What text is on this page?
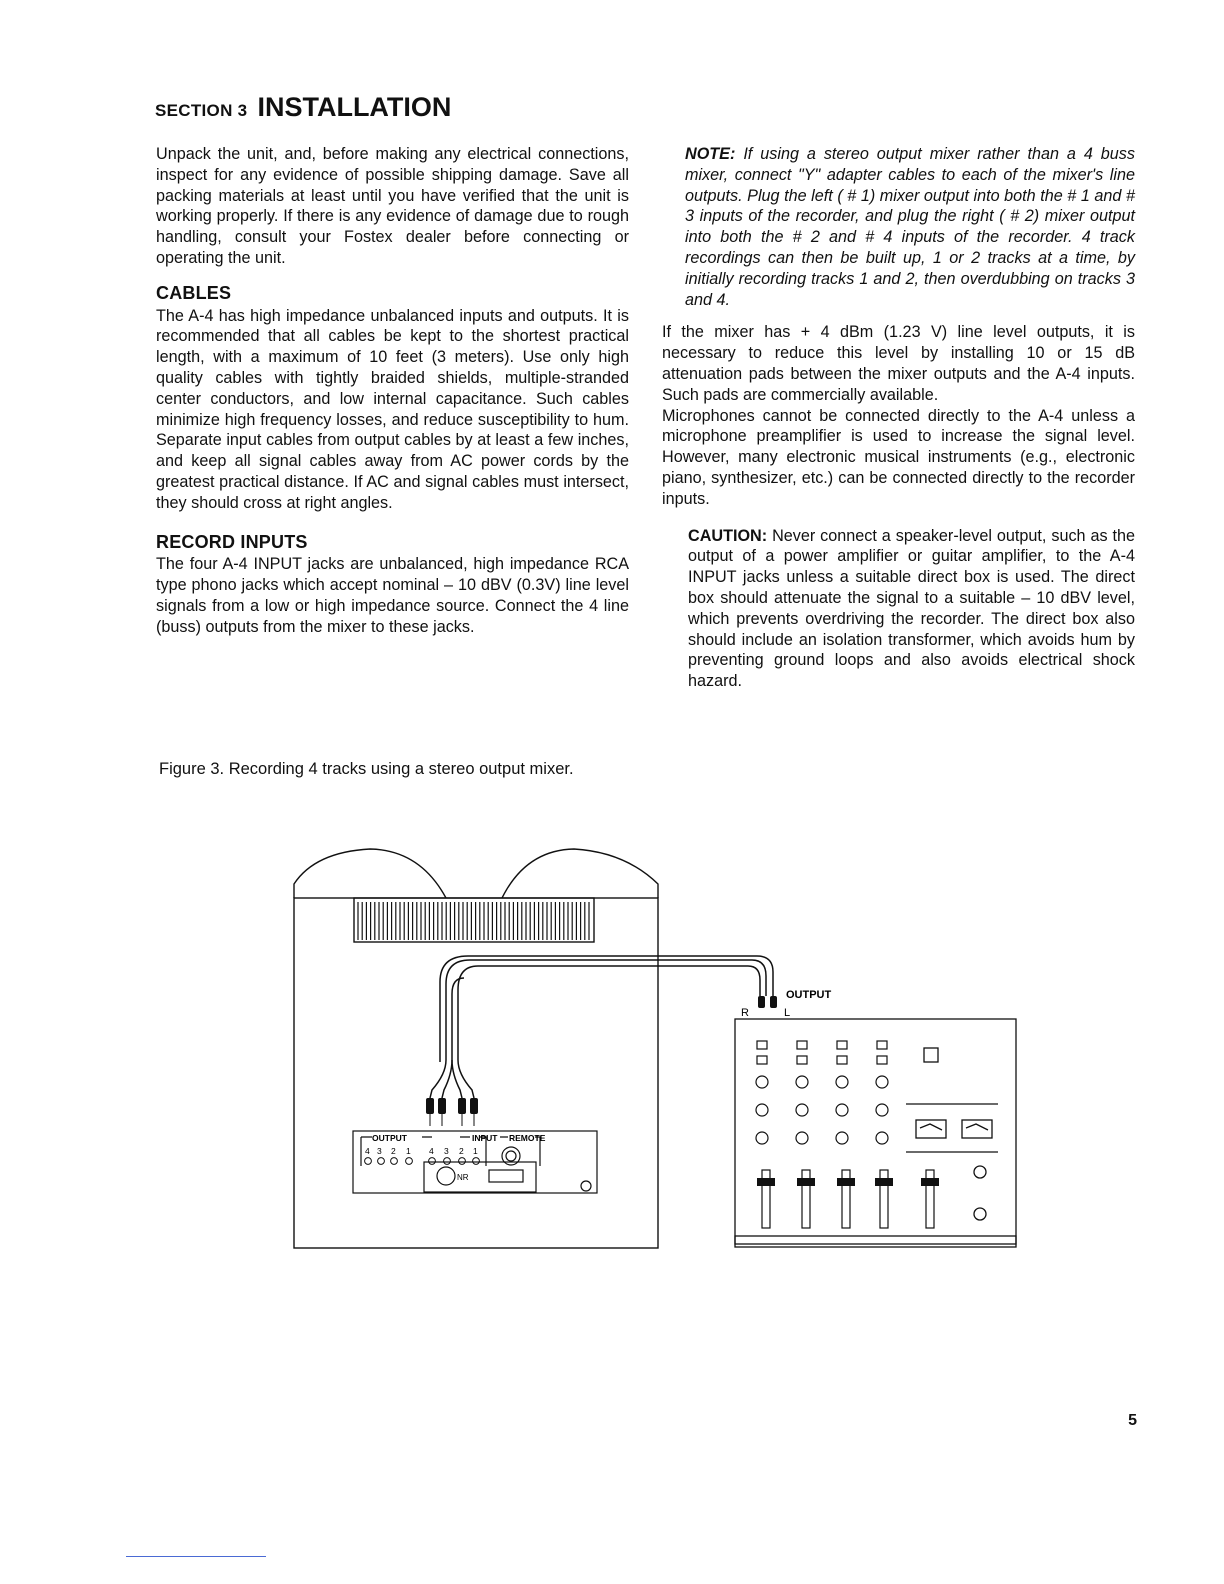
SECTION 3 INSTALLATION

Unpack the unit, and, before making any electrical connections, inspect for any evidence of possible shipping damage. Save all packing materials at least until you have verified that the unit is working properly. If there is any evidence of damage due to rough handling, consult your Fostex dealer before connecting or operating the unit.

CABLES

The A-4 has high impedance unbalanced inputs and outputs. It is recommended that all cables be kept to the shortest practical length, with a maximum of 10 feet (3 meters). Use only high quality cables with tightly braided shields, multiple-stranded center conductors, and low internal capacitance. Such cables minimize high frequency losses, and reduce susceptibility to hum. Separate input cables from output cables by at least a few inches, and keep all signal cables away from AC power cords by the greatest practical distance. If AC and signal cables must intersect, they should cross at right angles.

RECORD INPUTS

The four A-4 INPUT jacks are unbalanced, high impedance RCA type phono jacks which accept nominal – 10 dBV (0.3V) line level signals from a low or high impedance source. Connect the 4 line (buss) outputs from the mixer to these jacks.

NOTE: If using a stereo output mixer rather than a 4 buss mixer, connect "Y" adapter cables to each of the mixer's line outputs. Plug the left ( # 1) mixer output into both the # 1 and # 3 inputs of the recorder, and plug the right ( # 2) mixer output into both the # 2 and # 4 inputs of the recorder. 4 track recordings can then be built up, 1 or 2 tracks at a time, by initially recording tracks 1 and 2, then overdubbing on tracks 3 and 4.

If the mixer has + 4 dBm (1.23 V) line level outputs, it is necessary to reduce this level by installing 10 or 15 dB attenuation pads between the mixer outputs and the A-4 inputs. Such pads are commercially available.

Microphones cannot be connected directly to the A-4 unless a microphone preamplifier is used to increase the signal level. However, many electronic musical instruments (e.g., electronic piano, synthesizer, etc.) can be connected directly to the recorder inputs.

CAUTION: Never connect a speaker-level output, such as the output of a power amplifier or guitar amplifier, to the A-4 INPUT jacks unless a suitable direct box is used. The direct box should attenuate the signal to a suitable – 10 dBV level, which prevents overdriving the recorder. The direct box also should include an isolation transformer, which avoids hum by preventing ground loops and also avoids electrical shock hazard.

Figure 3. Recording 4 tracks using a stereo output mixer.
OUTPUT	INPUT REMOTE
NR
4 3 2 1 4 3 2 1
OUTPUT
R	L
5
